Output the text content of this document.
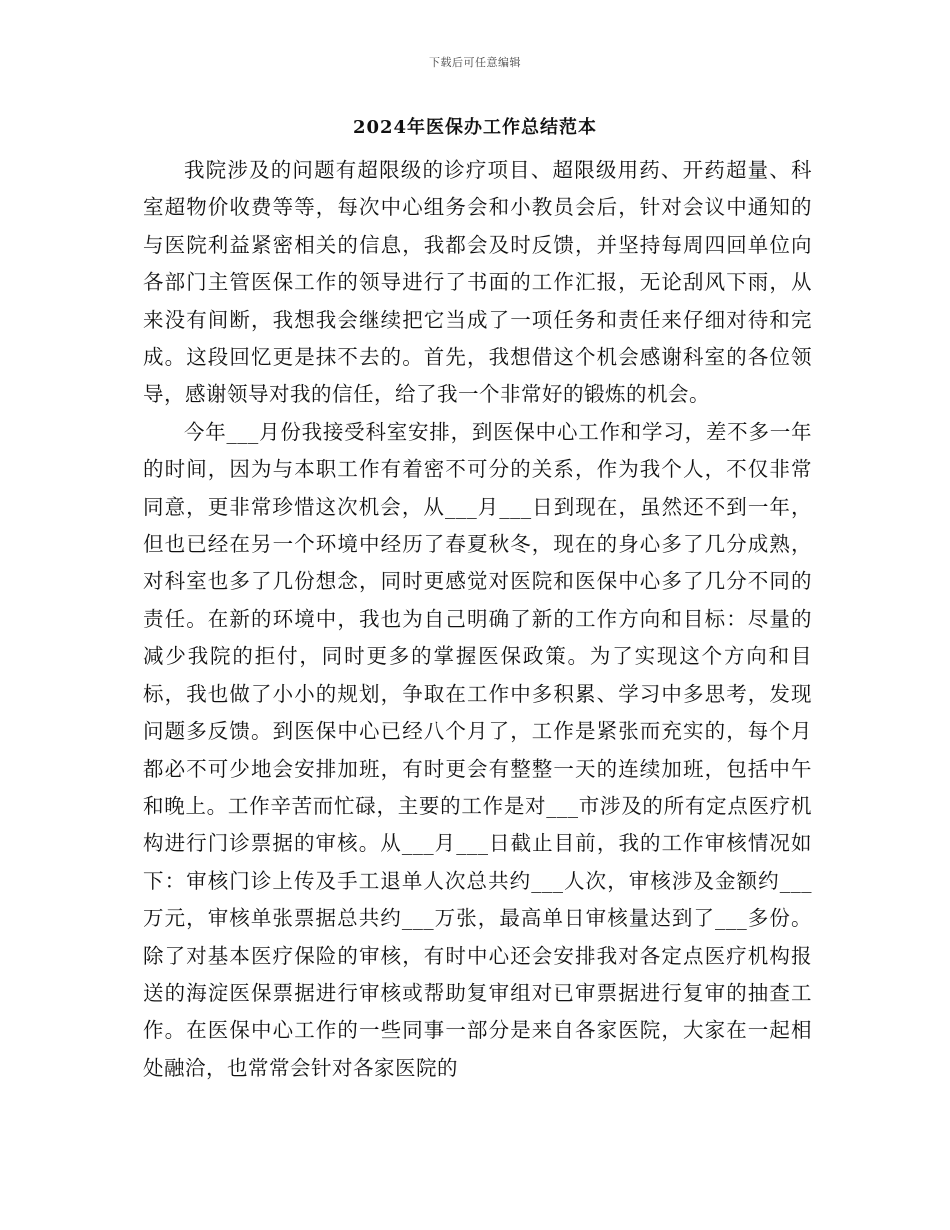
下载后可任意编辑
2024年医保办工作总结范本

我院涉及的问题有超限级的诊疗项目、超限级用药、开药超量、科室超物价收费等等，每次中心组务会和小教员会后，针对会议中通知的与医院利益紧密相关的信息，我都会及时反馈，并坚持每周四回单位向各部门主管医保工作的领导进行了书面的工作汇报，无论刮风下雨，从来没有间断，我想我会继续把它当成了一项任务和责任来仔细对待和完成。这段回忆更是抹不去的。首先，我想借这个机会感谢科室的各位领导，感谢领导对我的信任，给了我一个非常好的锻炼的机会。

今年___月份我接受科室安排，到医保中心工作和学习，差不多一年的时间，因为与本职工作有着密不可分的关系，作为我个人，不仅非常同意，更非常珍惜这次机会，从___月___日到现在，虽然还不到一年，但也已经在另一个环境中经历了春夏秋冬，现在的身心多了几分成熟，对科室也多了几份想念，同时更感觉对医院和医保中心多了几分不同的责任。在新的环境中，我也为自己明确了新的工作方向和目标：尽量的减少我院的拒付，同时更多的掌握医保政策。为了实现这个方向和目标，我也做了小小的规划，争取在工作中多积累、学习中多思考，发现问题多反馈。到医保中心已经八个月了，工作是紧张而充实的，每个月都必不可少地会安排加班，有时更会有整整一天的连续加班，包括中午和晚上。工作辛苦而忙碌，主要的工作是对___市涉及的所有定点医疗机构进行门诊票据的审核。从___月___日截止目前，我的工作审核情况如下：审核门诊上传及手工退单人次总共约___人次，审核涉及金额约___万元，审核单张票据总共约___万张，最高单日审核量达到了___多份。除了对基本医疗保险的审核，有时中心还会安排我对各定点医疗机构报送的海淀医保票据进行审核或帮助复审组对已审票据进行复审的抽查工作。在医保中心工作的一些同事一部分是来自各家医院，大家在一起相处融洽，也常常会针对各家医院的
